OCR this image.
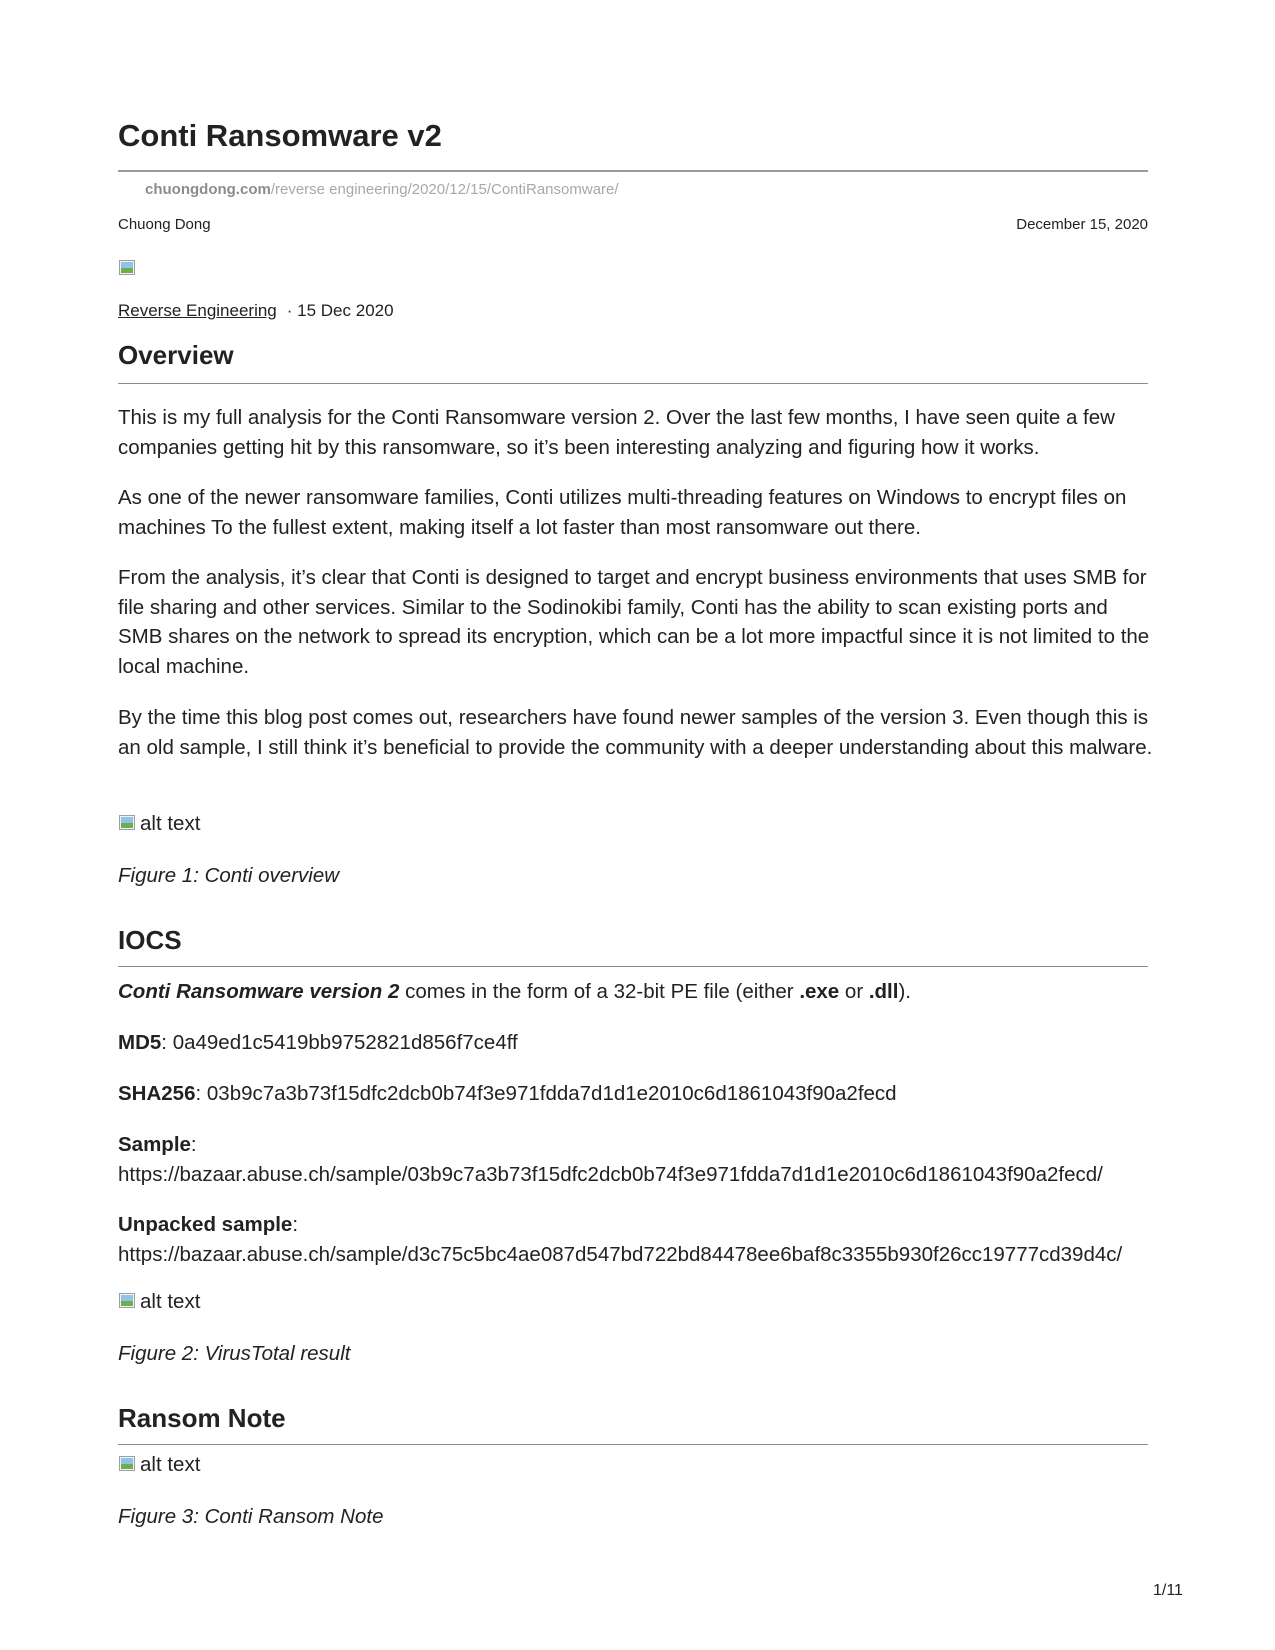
Conti Ransomware v2
chuongdong.com/reverse engineering/2020/12/15/ContiRansomware/
Chuong Dong	December 15, 2020
Reverse Engineering · 15 Dec 2020
Overview

This is my full analysis for the Conti Ransomware version 2. Over the last few months, I have seen quite a few companies getting hit by this ransomware, so it’s been interesting analyzing and figuring how it works.

As one of the newer ransomware families, Conti utilizes multi-threading features on Windows to encrypt files on machines To the fullest extent, making itself a lot faster than most ransomware out there.

From the analysis, it’s clear that Conti is designed to target and encrypt business environments that uses SMB for file sharing and other services. Similar to the Sodinokibi family, Conti has the ability to scan existing ports and SMB shares on the network to spread its encryption, which can be a lot more impactful since it is not limited to the local machine.

By the time this blog post comes out, researchers have found newer samples of the version 3. Even though this is an old sample, I still think it’s beneficial to provide the community with a deeper understanding about this malware.

alt text
Figure 1: Conti overview
IOCS
Conti Ransomware version 2 comes in the form of a 32-bit PE file (either .exe or .dll).
MD5: 0a49ed1c5419bb9752821d856f7ce4ff
SHA256: 03b9c7a3b73f15dfc2dcb0b74f3e971fdda7d1d1e2010c6d1861043f90a2fecd
Sample:
https://bazaar.abuse.ch/sample/03b9c7a3b73f15dfc2dcb0b74f3e971fdda7d1d1e2010c6d1861043f90a2fecd/
Unpacked sample:
https://bazaar.abuse.ch/sample/d3c75c5bc4ae087d547bd722bd84478ee6baf8c3355b930f26cc19777cd39d4c/
alt text
Figure 2: VirusTotal result
Ransom Note
alt text
Figure 3: Conti Ransom Note
1/11
